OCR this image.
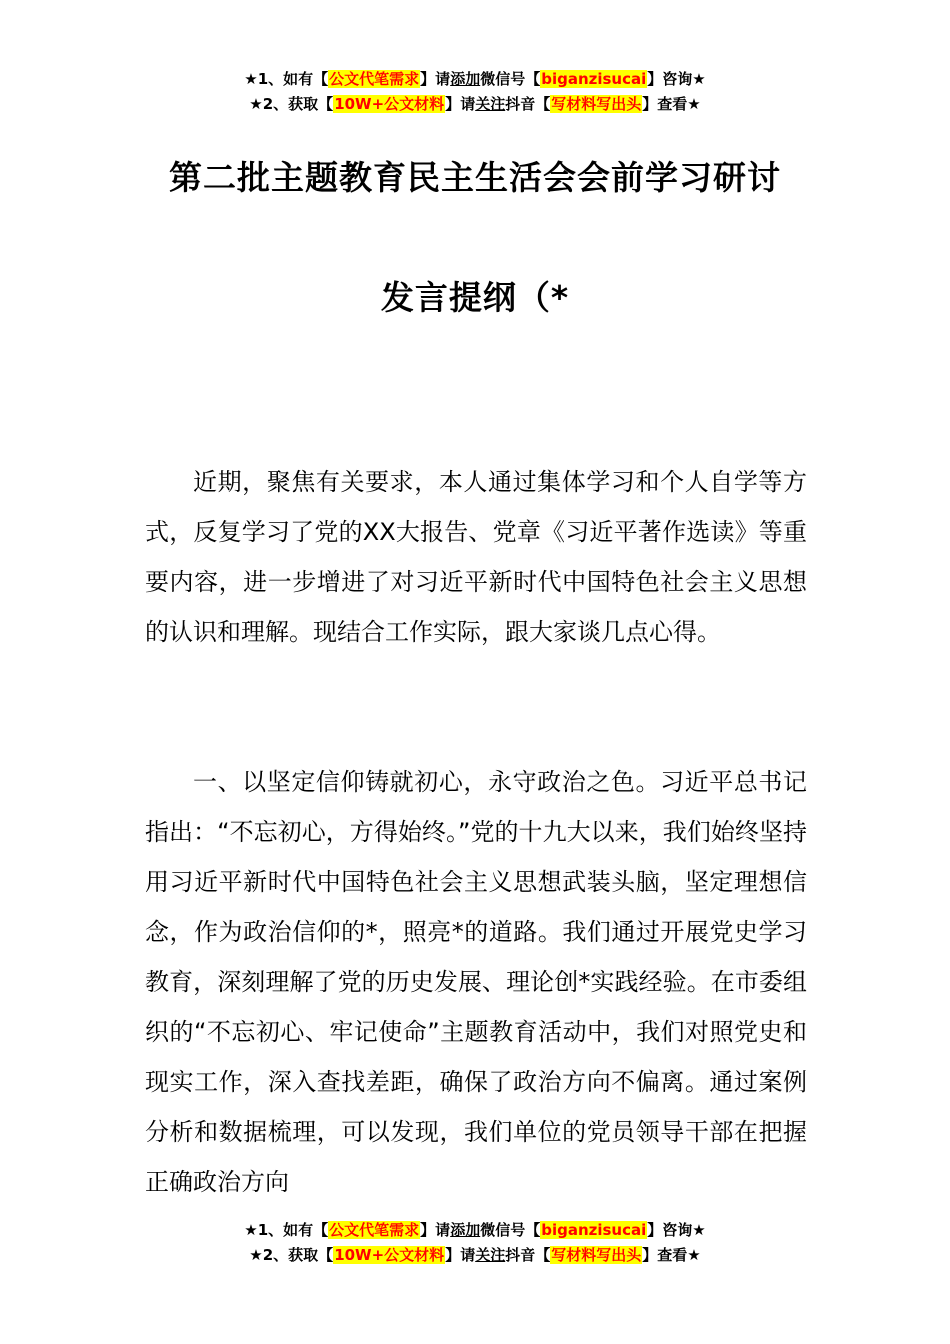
★1、如有【公文代笔需求】请添加微信号【biganzisucai】咨询★
★2、获取【10W+公文材料】请关注抖音【写材料写出头】查看★
第二批主题教育民主生活会会前学习研讨
发言提纲（*

近期，聚焦有关要求，本人通过集体学习和个人自学等方式，反复学习了党的XX大报告、党章《习近平著作选读》等重要内容，进一步增进了对习近平新时代中国特色社会主义思想的认识和理解。现结合工作实际，跟大家谈几点心得。

一、以坚定信仰铸就初心，永守政治之色。习近平总书记指出：“不忘初心，方得始终。”党的十九大以来，我们始终坚持用习近平新时代中国特色社会主义思想武装头脑，坚定理想信念，作为政治信仰的*，照亮*的道路。我们通过开展党史学习教育，深刻理解了党的历史发展、理论创*实践经验。在市委组织的“不忘初心、牢记使命”主题教育活动中，我们对照党史和现实工作，深入查找差距，确保了政治方向不偏离。通过案例分析和数据梳理，可以发现，我们单位的党员领导干部在把握正确政治方向

★1、如有【公文代笔需求】请添加微信号【biganzisucai】咨询★
★2、获取【10W+公文材料】请关注抖音【写材料写出头】查看★
